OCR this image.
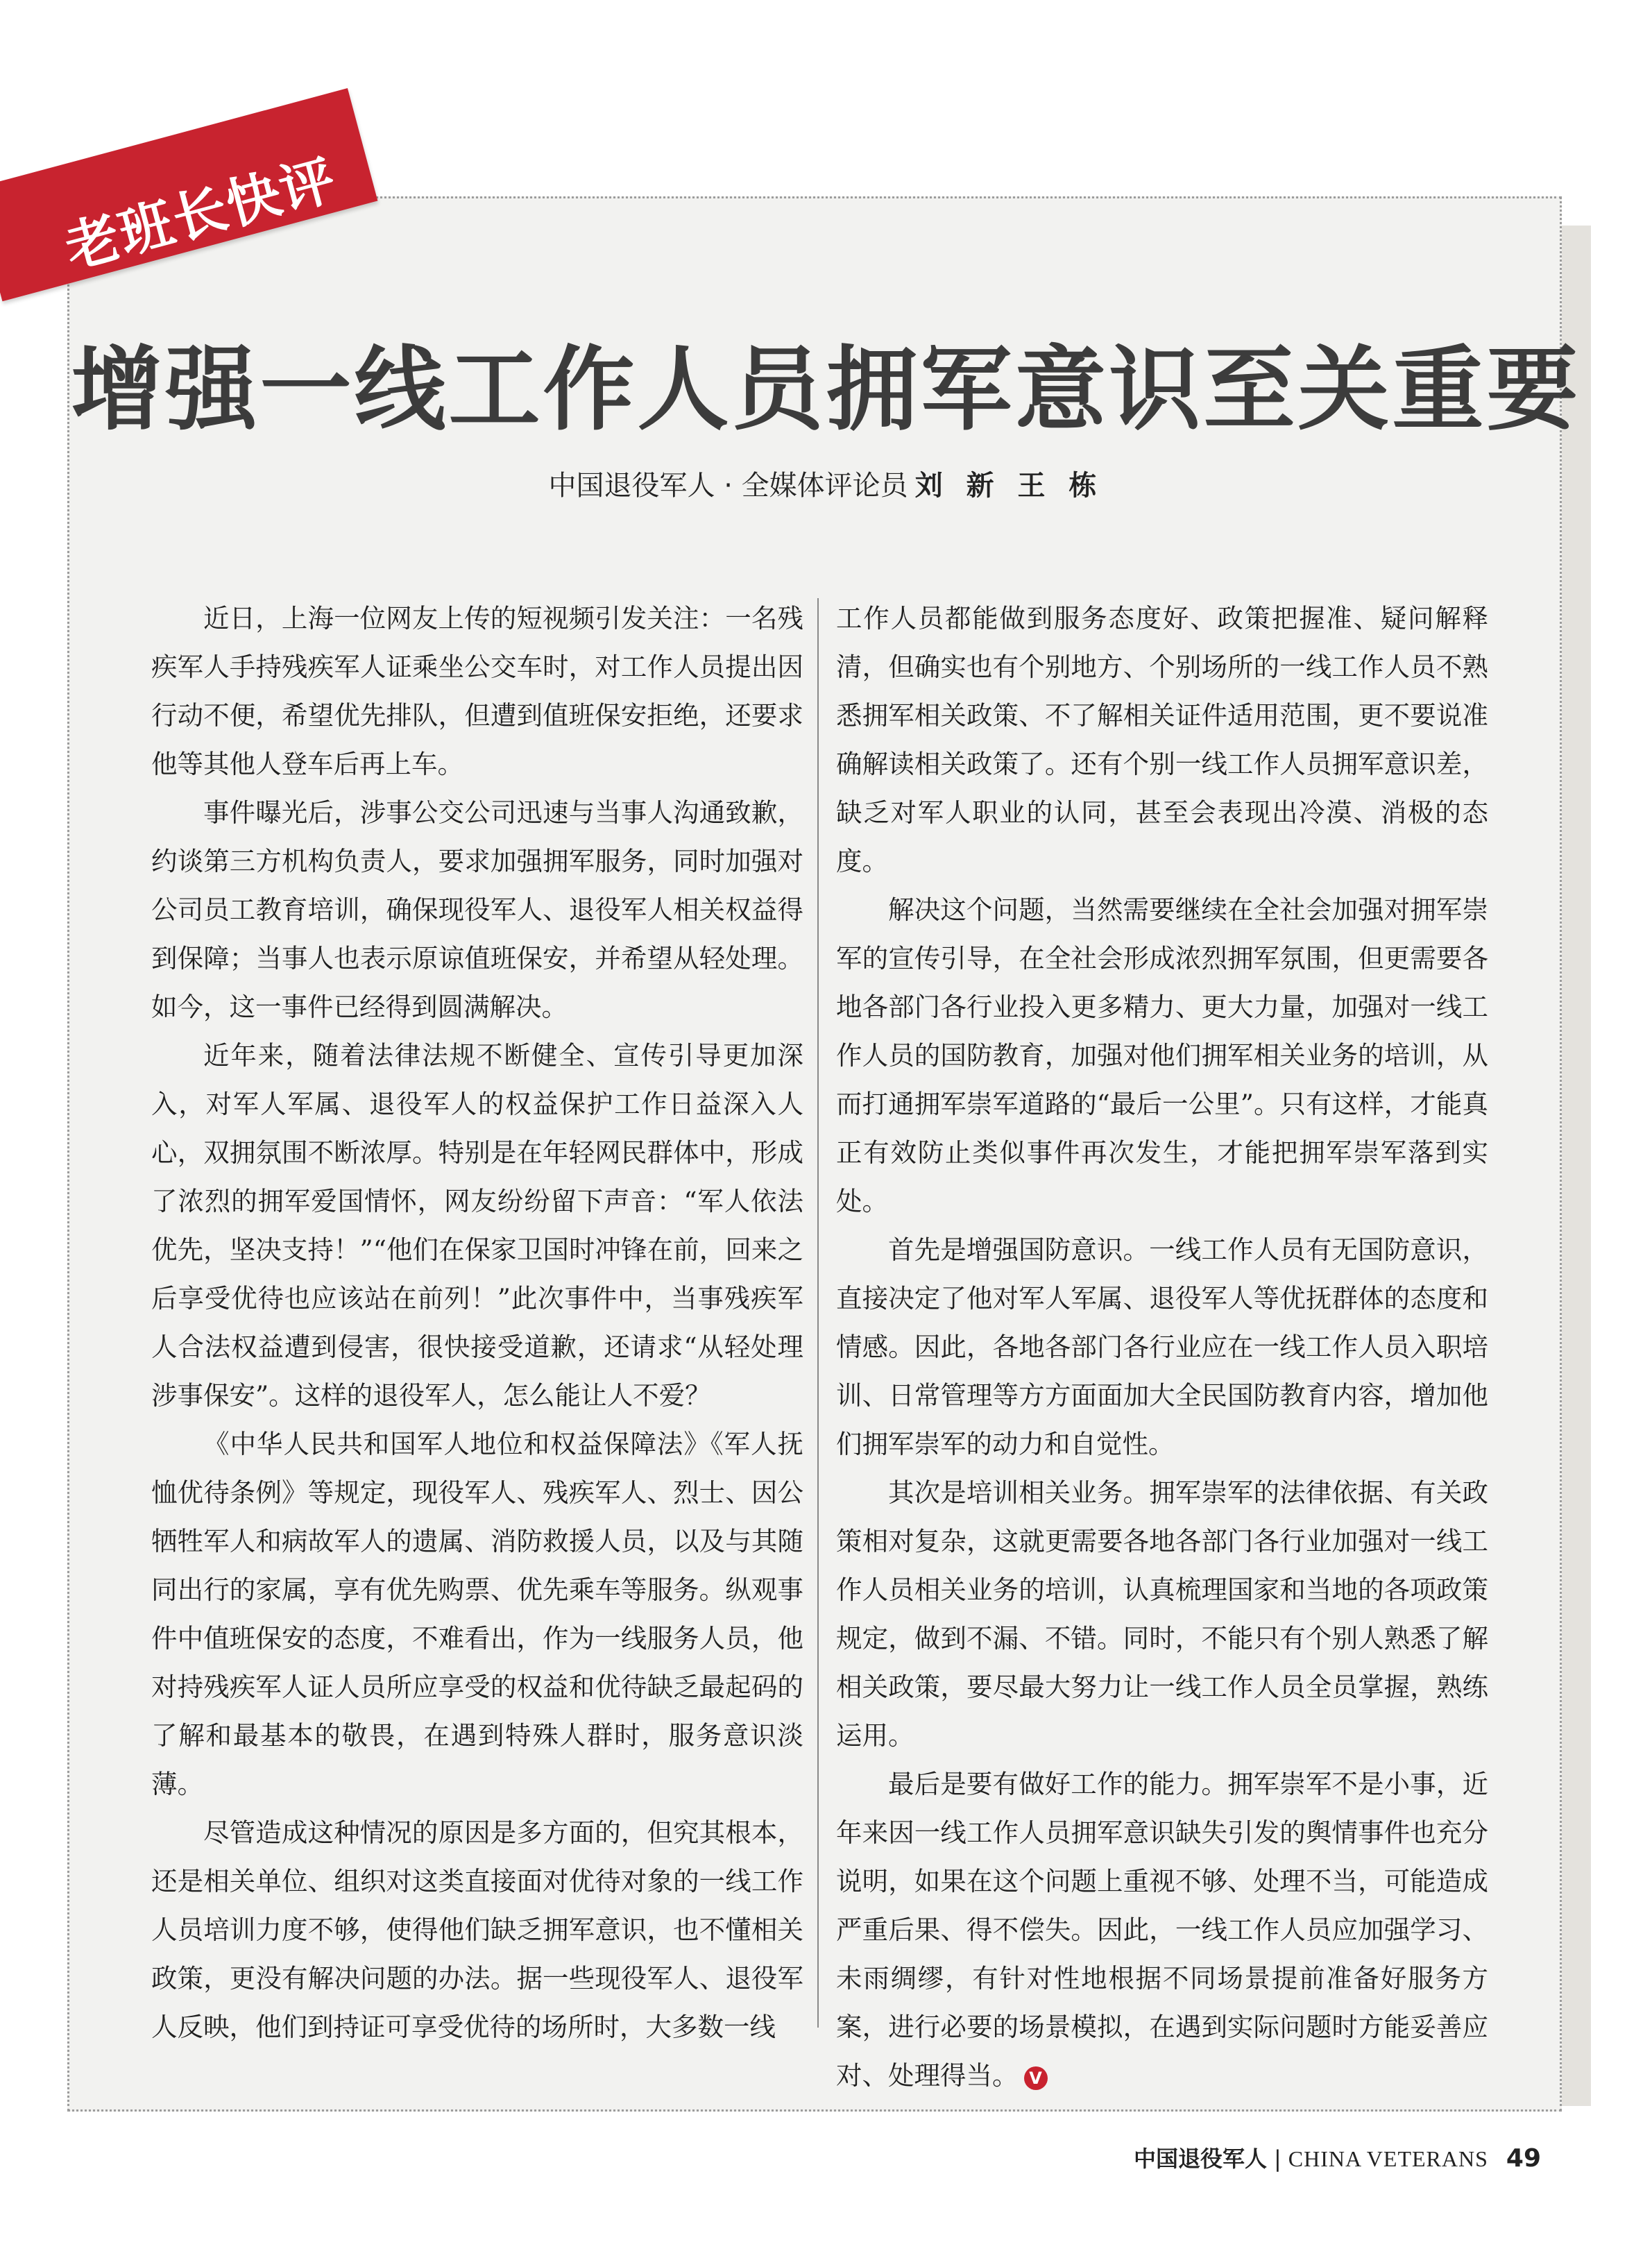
老班长快评
增强一线工作人员拥军意识至关重要
中国退役军人 · 全媒体评论员 刘 新 王 栋

近日，上海一位网友上传的短视频引发关注：一名残疾军人手持残疾军人证乘坐公交车时，对工作人员提出因行动不便，希望优先排队，但遭到值班保安拒绝，还要求他等其他人登车后再上车。

事件曝光后，涉事公交公司迅速与当事人沟通致歉，约谈第三方机构负责人，要求加强拥军服务，同时加强对公司员工教育培训，确保现役军人、退役军人相关权益得到保障；当事人也表示原谅值班保安，并希望从轻处理。如今，这一事件已经得到圆满解决。

近年来，随着法律法规不断健全、宣传引导更加深入，对军人军属、退役军人的权益保护工作日益深入人心，双拥氛围不断浓厚。特别是在年轻网民群体中，形成了浓烈的拥军爱国情怀，网友纷纷留下声音：“军人依法优先，坚决支持！”“他们在保家卫国时冲锋在前，回来之后享受优待也应该站在前列！”此次事件中，当事残疾军人合法权益遭到侵害，很快接受道歉，还请求“从轻处理涉事保安”。这样的退役军人，怎么能让人不爱？

《中华人民共和国军人地位和权益保障法》《军人抚恤优待条例》等规定，现役军人、残疾军人、烈士、因公牺牲军人和病故军人的遗属、消防救援人员，以及与其随同出行的家属，享有优先购票、优先乘车等服务。纵观事件中值班保安的态度，不难看出，作为一线服务人员，他对持残疾军人证人员所应享受的权益和优待缺乏最起码的了解和最基本的敬畏，在遇到特殊人群时，服务意识淡薄。

尽管造成这种情况的原因是多方面的，但究其根本，还是相关单位、组织对这类直接面对优待对象的一线工作人员培训力度不够，使得他们缺乏拥军意识，也不懂相关政策，更没有解决问题的办法。据一些现役军人、退役军人反映，他们到持证可享受优待的场所时，大多数一线

工作人员都能做到服务态度好、政策把握准、疑问解释清，但确实也有个别地方、个别场所的一线工作人员不熟悉拥军相关政策、不了解相关证件适用范围，更不要说准确解读相关政策了。还有个别一线工作人员拥军意识差，缺乏对军人职业的认同，甚至会表现出冷漠、消极的态度。

解决这个问题，当然需要继续在全社会加强对拥军崇军的宣传引导，在全社会形成浓烈拥军氛围，但更需要各地各部门各行业投入更多精力、更大力量，加强对一线工作人员的国防教育，加强对他们拥军相关业务的培训，从而打通拥军崇军道路的“最后一公里”。只有这样，才能真正有效防止类似事件再次发生，才能把拥军崇军落到实处。

首先是增强国防意识。一线工作人员有无国防意识，直接决定了他对军人军属、退役军人等优抚群体的态度和情感。因此，各地各部门各行业应在一线工作人员入职培训、日常管理等方方面面加大全民国防教育内容，增加他们拥军崇军的动力和自觉性。

其次是培训相关业务。拥军崇军的法律依据、有关政策相对复杂，这就更需要各地各部门各行业加强对一线工作人员相关业务的培训，认真梳理国家和当地的各项政策规定，做到不漏、不错。同时，不能只有个别人熟悉了解相关政策，要尽最大努力让一线工作人员全员掌握，熟练运用。

最后是要有做好工作的能力。拥军崇军不是小事，近年来因一线工作人员拥军意识缺失引发的舆情事件也充分说明，如果在这个问题上重视不够、处理不当，可能造成严重后果、得不偿失。因此，一线工作人员应加强学习、未雨绸缪，有针对性地根据不同场景提前准备好服务方案，进行必要的场景模拟，在遇到实际问题时方能妥善应对、处理得当。 V

中国退役军人 | CHINA VETERANS 49
